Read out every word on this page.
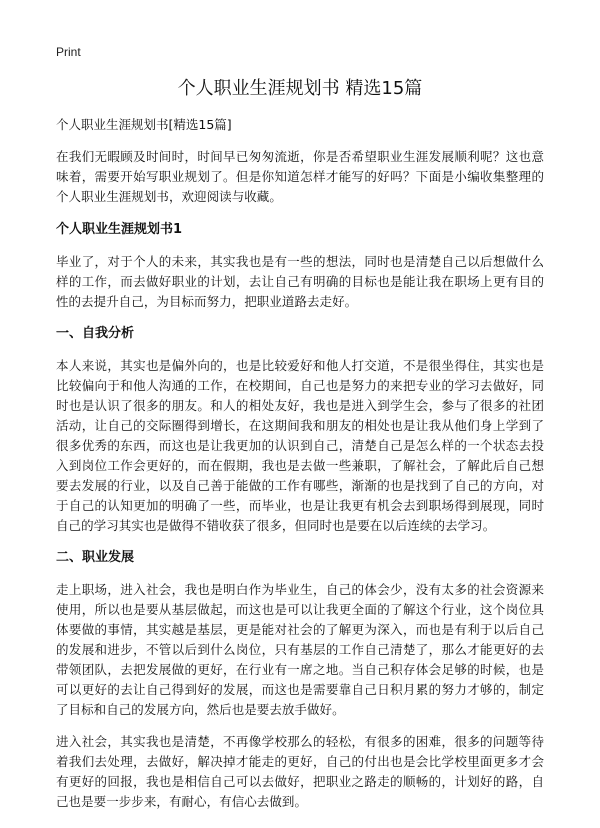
Print
个人职业生涯规划书 精选15篇

个人职业生涯规划书[精选15篇]

在我们无暇顾及时间时，时间早已匆匆流逝，你是否希望职业生涯发展顺利呢？这也意味着，需要开始写职业规划了。但是你知道怎样才能写的好吗？下面是小编收集整理的个人职业生涯规划书，欢迎阅读与收藏。

个人职业生涯规划书1

毕业了，对于个人的未来，其实我也是有一些的想法，同时也是清楚自己以后想做什么样的工作，而去做好职业的计划，去让自己有明确的目标也是能让我在职场上更有目的性的去提升自己，为目标而努力，把职业道路去走好。

一、自我分析

本人来说，其实也是偏外向的，也是比较爱好和他人打交道，不是很坐得住，其实也是比较偏向于和他人沟通的工作，在校期间，自己也是努力的来把专业的学习去做好，同时也是认识了很多的朋友。和人的相处友好，我也是进入到学生会，参与了很多的社团活动，让自己的交际圈得到增长，在这期间我和朋友的相处也是让我从他们身上学到了很多优秀的东西，而这也是让我更加的认识到自己，清楚自己是怎么样的一个状态去投入到岗位工作会更好的，而在假期，我也是去做一些兼职，了解社会，了解此后自己想要去发展的行业，以及自己善于能做的工作有哪些，渐渐的也是找到了自己的方向，对于自己的认知更加的明确了一些，而毕业，也是让我更有机会去到职场得到展现，同时自己的学习其实也是做得不错收获了很多，但同时也是要在以后连续的去学习。

二、职业发展

走上职场，进入社会，我也是明白作为毕业生，自己的体会少，没有太多的社会资源来使用，所以也是要从基层做起，而这也是可以让我更全面的了解这个行业，这个岗位具体要做的事情，其实越是基层，更是能对社会的了解更为深入，而也是有利于以后自己的发展和进步，不管以后到什么岗位，只有基层的工作自己清楚了，那么才能更好的去带领团队，去把发展做的更好，在行业有一席之地。当自己积存体会足够的时候，也是可以更好的去让自己得到好的发展，而这也是需要靠自己日积月累的努力才够的，制定了目标和自己的发展方向，然后也是要去放手做好。

进入社会，其实我也是清楚，不再像学校那么的轻松，有很多的困难，很多的问题等待着我们去处理，去做好，解决掉才能走的更好，自己的付出也是会比学校里面更多才会有更好的回报，我也是相信自己可以去做好，把职业之路走的顺畅的，计划好的路，自己也是要一步步来，有耐心，有信心去做到。
